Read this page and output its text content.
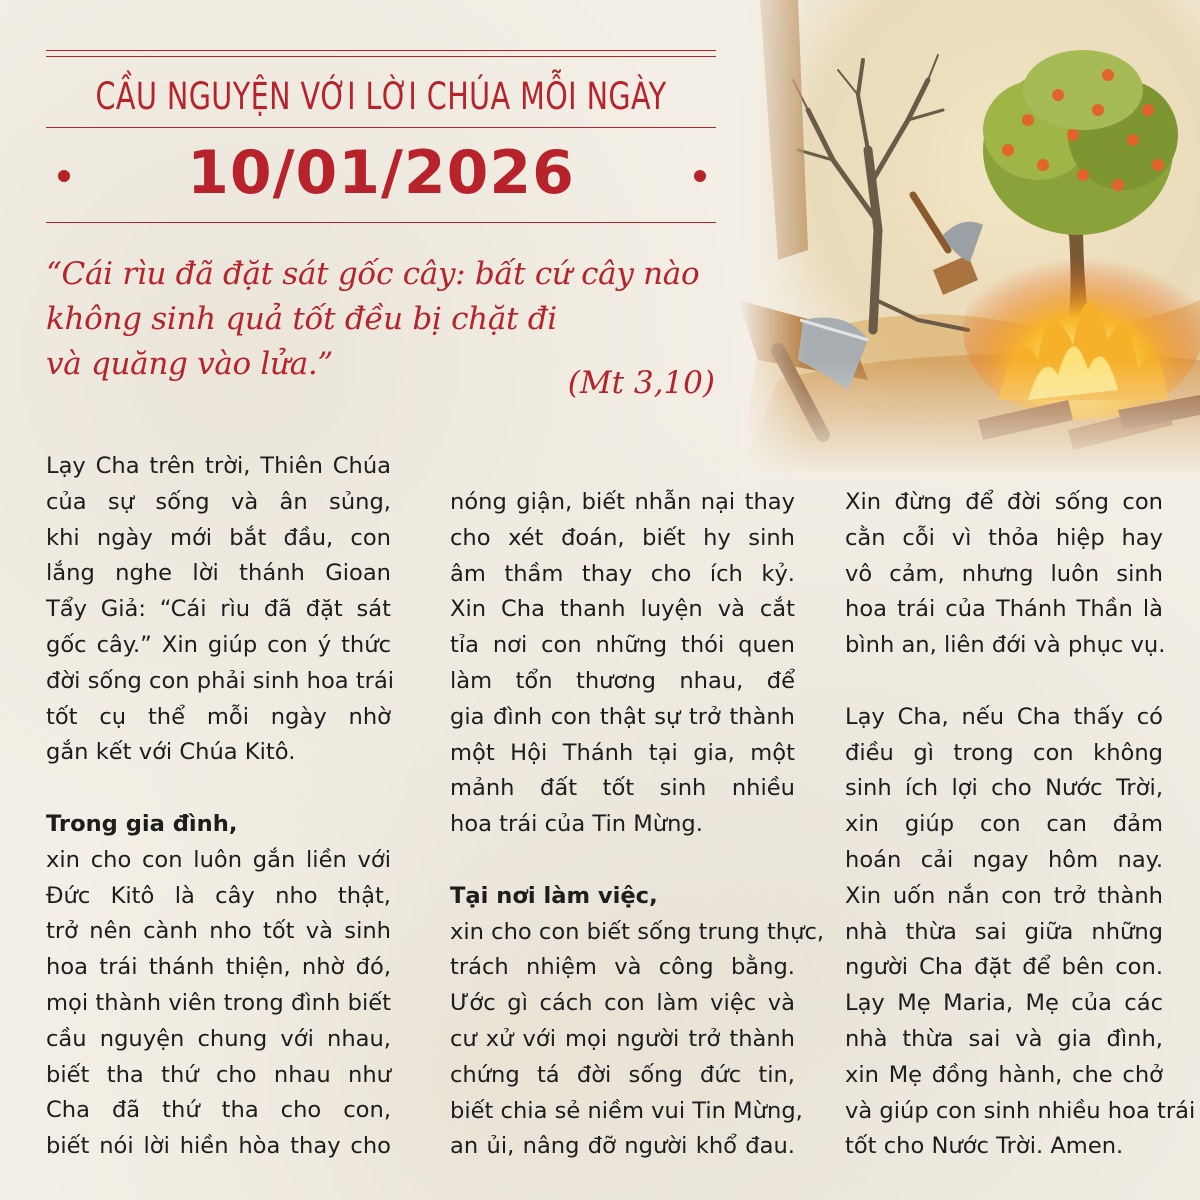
CẦU NGUYỆN VỚI LỜI CHÚA MỖI NGÀY
10/01/2026
“Cái rìu đã đặt sát gốc cây: bất cứ cây nào
không sinh quả tốt đều bị chặt đi
và quăng vào lửa.”
(Mt 3,10)
Lạy Cha trên trời, Thiên Chúa
của sự sống và ân sủng,
khi ngày mới bắt đầu, con
lắng nghe lời thánh Gioan
Tẩy Giả: “Cái rìu đã đặt sát
gốc cây.” Xin giúp con ý thức
đời sống con phải sinh hoa trái
tốt cụ thể mỗi ngày nhờ
gắn kết với Chúa Kitô.
Trong gia đình,
xin cho con luôn gắn liền với
Đức Kitô là cây nho thật,
trở nên cành nho tốt và sinh
hoa trái thánh thiện, nhờ đó,
mọi thành viên trong đình biết
cầu nguyện chung với nhau,
biết tha thứ cho nhau như
Cha đã thứ tha cho con,
biết nói lời hiền hòa thay cho
nóng giận, biết nhẫn nại thay
cho xét đoán, biết hy sinh
âm thầm thay cho ích kỷ.
Xin Cha thanh luyện và cắt
tỉa nơi con những thói quen
làm tổn thương nhau, để
gia đình con thật sự trở thành
một Hội Thánh tại gia, một
mảnh đất tốt sinh nhiều
hoa trái của Tin Mừng.
Tại nơi làm việc,
xin cho con biết sống trung thực,
trách nhiệm và công bằng.
Ước gì cách con làm việc và
cư xử với mọi người trở thành
chứng tá đời sống đức tin,
biết chia sẻ niềm vui Tin Mừng,
an ủi, nâng đỡ người khổ đau.
Xin đừng để đời sống con
cằn cỗi vì thỏa hiệp hay
vô cảm, nhưng luôn sinh
hoa trái của Thánh Thần là
bình an, liên đới và phục vụ.
Lạy Cha, nếu Cha thấy có
điều gì trong con không
sinh ích lợi cho Nước Trời,
xin giúp con can đảm
hoán cải ngay hôm nay.
Xin uốn nắn con trở thành
nhà thừa sai giữa những
người Cha đặt để bên con.
Lạy Mẹ Maria, Mẹ của các
nhà thừa sai và gia đình,
xin Mẹ đồng hành, che chở
và giúp con sinh nhiều hoa trái
tốt cho Nước Trời. Amen.
